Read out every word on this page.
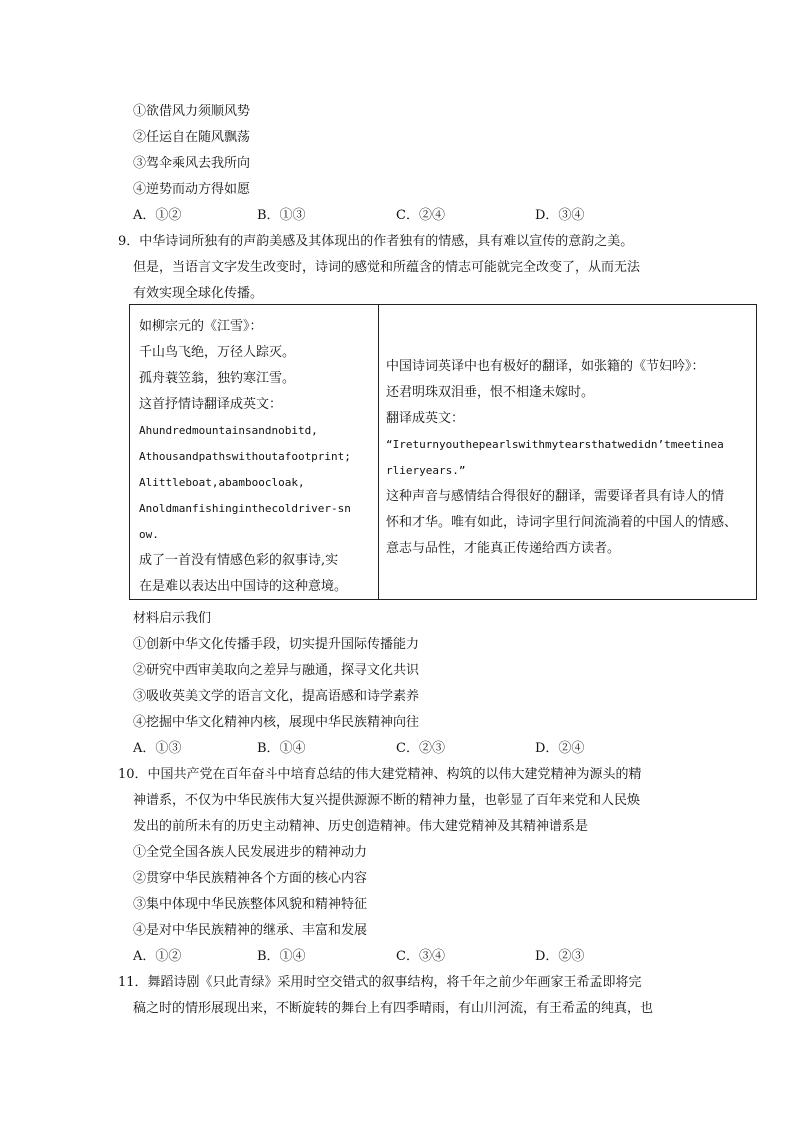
①欲借风力须顺风势
②任运自在随风飘荡
③驾伞乘风去我所向
④逆势而动方得如愿
A．①②	B．①③	C．②④	D．③④
9．中华诗词所独有的声韵美感及其体现出的作者独有的情感，具有难以宣传的意韵之美。
但是，当语言文字发生改变时，诗词的感觉和所蕴含的情志可能就完全改变了，从而无法
有效实现全球化传播。
如柳宗元的《江雪》：
千山鸟飞绝，万径人踪灭。
孤舟蓑笠翁，独钓寒江雪。
这首抒情诗翻译成英文：
Ahundredmountainsandnobitd,
Athousandpathswithoutafootprint;
Alittleboat,abamboocloak,
Anoldmanfishinginthecoldriver-sn
ow.
成了一首没有情感色彩的叙事诗,实
在是难以表达出中国诗的这种意境。
中国诗词英译中也有极好的翻译，如张籍的《节妇吟》：
还君明珠双泪垂，恨不相逢未嫁时。
翻译成英文：
“Ireturnyouthepearlswithmytearsthatwedidn’tmeetinea
rlieryears.”
这种声音与感情结合得很好的翻译，需要译者具有诗人的情
怀和才华。唯有如此，诗词字里行间流淌着的中国人的情感、
意志与品性，才能真正传递给西方读者。
材料启示我们
①创新中华文化传播手段，切实提升国际传播能力
②研究中西审美取向之差异与融通，探寻文化共识
③吸收英美文学的语言文化，提高语感和诗学素养
④挖掘中华文化精神内核，展现中华民族精神向往
A．①③	B．①④	C．②③	D．②④
10．中国共产党在百年奋斗中培育总结的伟大建党精神、构筑的以伟大建党精神为源头的精
神谱系，不仅为中华民族伟大复兴提供源源不断的精神力量，也彰显了百年来党和人民焕
发出的前所未有的历史主动精神、历史创造精神。伟大建党精神及其精神谱系是
①全党全国各族人民发展进步的精神动力
②贯穿中华民族精神各个方面的核心内容
③集中体现中华民族整体风貌和精神特征
④是对中华民族精神的继承、丰富和发展
A．①②	B．①④	C．③④	D．②③
11．舞蹈诗剧《只此青绿》采用时空交错式的叙事结构，将千年之前少年画家王希孟即将完
稿之时的情形展现出来，不断旋转的舞台上有四季晴雨，有山川河流，有王希孟的纯真，也
